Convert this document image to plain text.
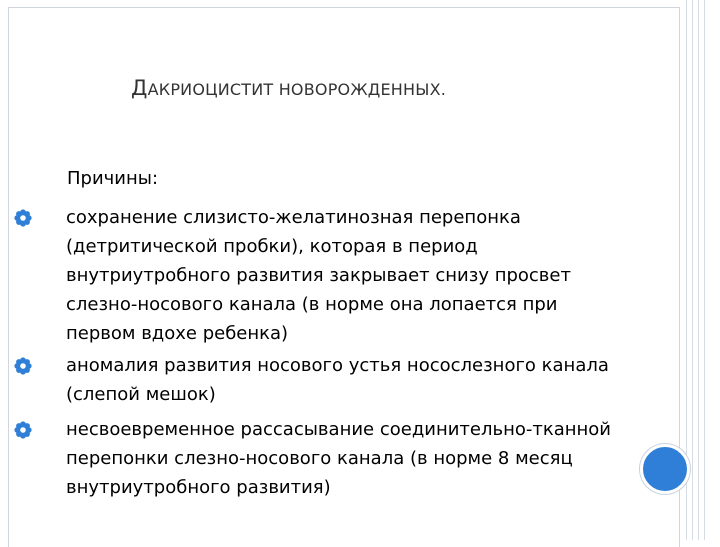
ДАКРИОЦИСТИТ НОВОРОЖДЕННЫХ.
Причины:
сохранение слизисто-желатинозная перепонка (детритической пробки), которая в период внутриутробного развития закрывает снизу просвет слезно-носового канала (в норме она лопается при первом вдохе ребенка)
аномалия развития носового устья носослезного канала (слепой мешок)
несвоевременное рассасывание соединительно-тканной перепонки слезно-носового канала (в норме 8 месяц внутриутробного развития)
